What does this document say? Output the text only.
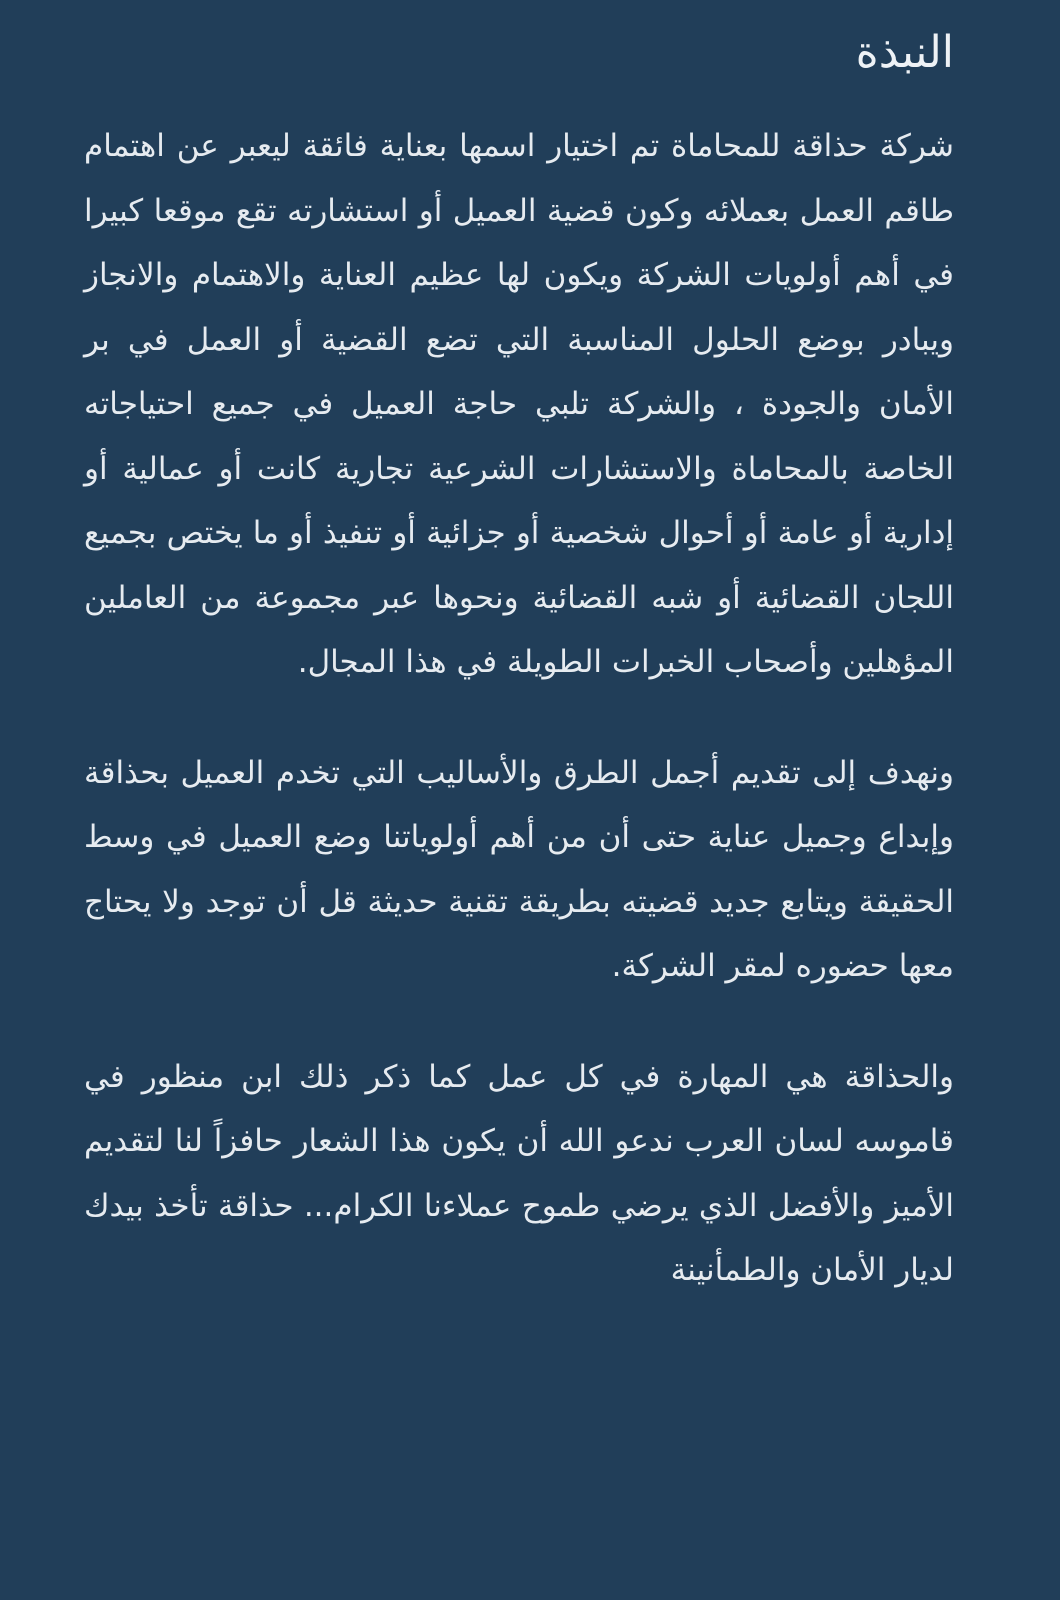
النبذة

شركة حذاقة للمحاماة تم اختيار اسمها بعناية فائقة ليعبر عن اهتمام طاقم العمل بعملائه وكون قضية العميل أو استشارته تقع موقعا كبيرا في أهم أولويات الشركة ويكون لها عظيم العناية والاهتمام والانجاز ويبادر بوضع الحلول المناسبة التي تضع القضية أو العمل في بر الأمان والجودة ، والشركة تلبي حاجة العميل في جميع احتياجاته الخاصة بالمحاماة والاستشارات الشرعية تجارية كانت أو عمالية أو إدارية أو عامة أو أحوال شخصية أو جزائية أو تنفيذ أو ما يختص بجميع اللجان القضائية أو شبه القضائية ونحوها عبر مجموعة من العاملين المؤهلين وأصحاب الخبرات الطويلة في هذا المجال.

ونهدف إلى تقديم أجمل الطرق والأساليب التي تخدم العميل بحذاقة وإبداع وجميل عناية حتى أن من أهم أولوياتنا وضع العميل في وسط الحقيقة ويتابع جديد قضيته بطريقة تقنية حديثة قل أن توجد ولا يحتاج معها حضوره لمقر الشركة.

والحذاقة هي المهارة في كل عمل كما ذكر ذلك ابن منظور في قاموسه لسان العرب ندعو الله أن يكون هذا الشعار حافزاً لنا لتقديم الأميز والأفضل الذي يرضي طموح عملاءنا الكرام... حذاقة تأخذ بيدك لديار الأمان والطمأنينة
